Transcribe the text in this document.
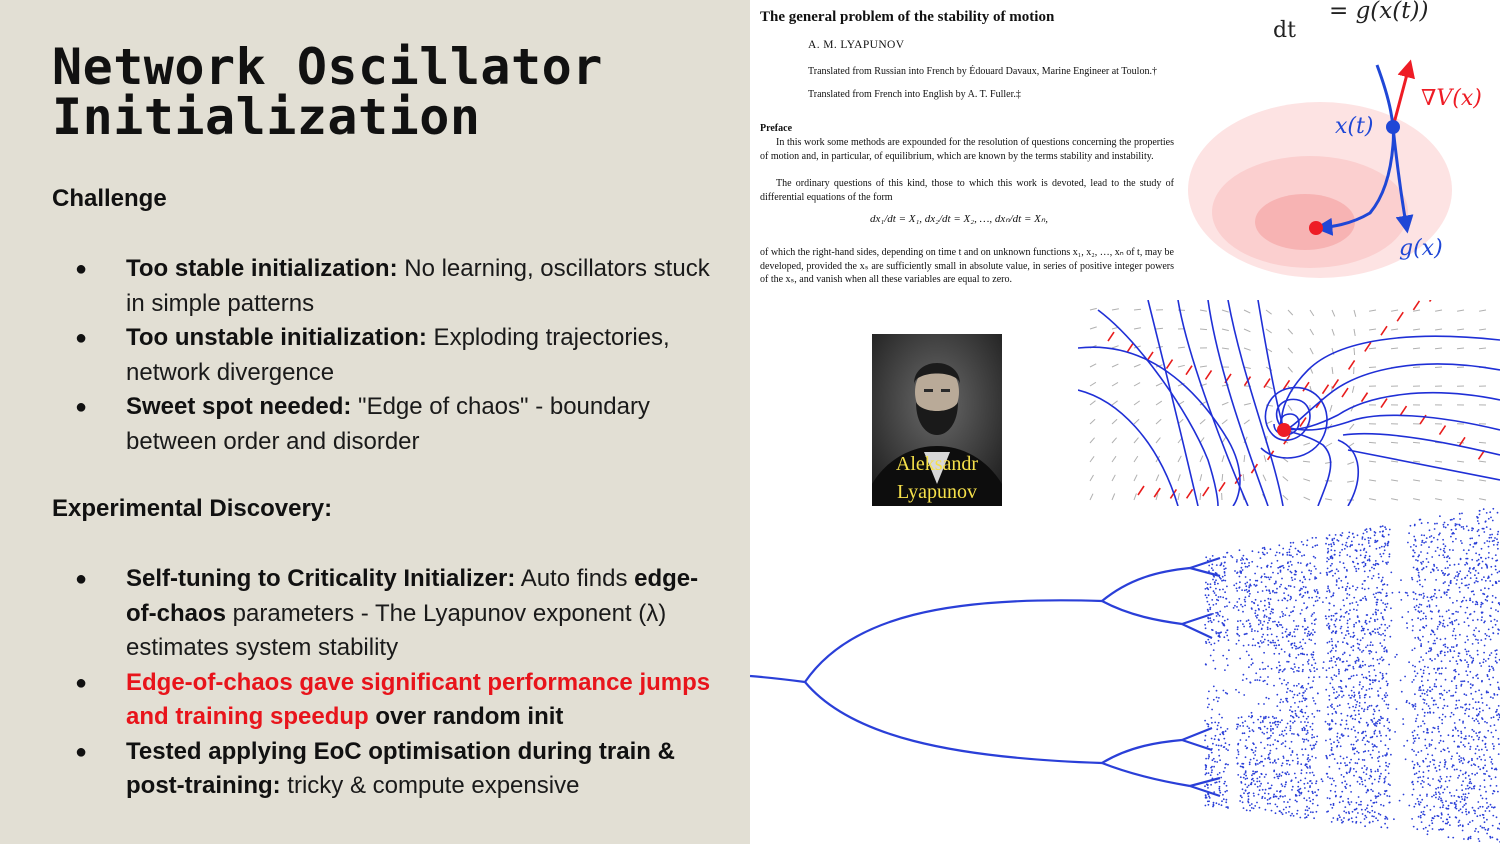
Network Oscillator
Initialization
Challenge
● Too stable initialization: No learning, oscillators stuck in simple patterns
● Too unstable initialization: Exploding trajectories, network divergence
● Sweet spot needed: "Edge of chaos" - boundary between order and disorder
Experimental Discovery:
● Self-tuning to Criticality Initializer: Auto finds edge-of-chaos parameters - The Lyapunov exponent (λ) estimates system stability
● Edge-of-chaos gave significant performance jumps and training speedup over random init
● Tested applying EoC optimisation during train & post-training: tricky & compute expensive
The general problem of the stability of motion
A. M. LYAPUNOV
Translated from Russian into French by Édouard Davaux, Marine Engineer at Toulon.†
Translated from French into English by A. T. Fuller.‡
Preface
In this work some methods are expounded for the resolution of questions concerning the properties of motion and, in particular, of equilibrium, which are known by the terms stability and instability.
The ordinary questions of this kind, those to which this work is devoted, lead to the study of differential equations of the form
dx₁/dt = X₁, dx₂/dt = X₂, …, dxₙ/dt = Xₙ,
of which the right-hand sides, depending on time t and on unknown functions x₁, x₂, …, xₙ of t, may be developed, provided the xₛ are sufficiently small in absolute value, in series of positive integer powers of the xₛ, and vanish when all these variables are equal to zero.
dt
= g(x(t))
x(t)
∇V(x)
g(x)
Aleksandr
Lyapunov
